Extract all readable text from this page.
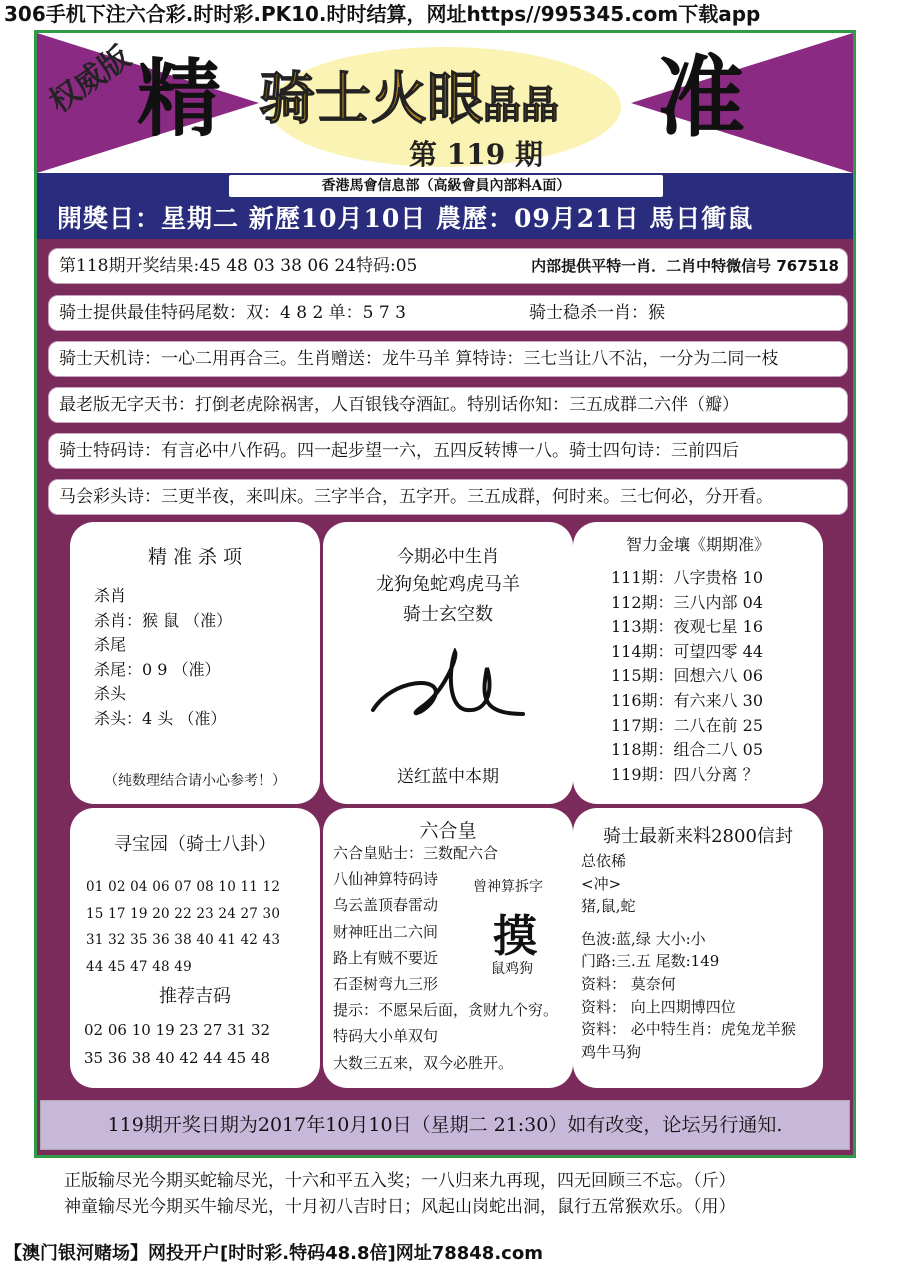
306手机下注六合彩.时时彩.PK10.时时结算，网址https//995345.com下载app
权威版 精	准
骑士火眼晶晶
第 119 期
香港馬會信息部（高級會員內部料A面）
開獎日：星期二 新歷10月10日 農歷：09月21日 馬日衝鼠
第118期开奖结果:45 48 03 38 06 24特码:05	内部提供平特一肖．二肖中特微信号 767518
骑士提供最佳特码尾数：双：4 8 2 单：5 7 3	骑士稳杀一肖：猴
骑士天机诗：一心二用再合三。生肖赠送：龙牛马羊 算特诗：三七当让八不沾，一分为二同一枝
最老版无字天书：打倒老虎除祸害，人百银钱夺酒缸。特别话你知：三五成群二六伴（瓣）
骑士特码诗：有言必中八作码。四一起步望一六，五四反转博一八。骑士四句诗：三前四后
马会彩头诗：三更半夜，来叫床。三字半合，五字开。三五成群，何时来。三七何必，分开看。
精 准 杀 项
杀肖
杀肖：猴 鼠 （准）
杀尾
杀尾：0 9 （准）
杀头
杀头：4 头 （准）
（纯数理结合请小心参考！）
今期必中生肖
龙狗兔蛇鸡虎马羊
骑士玄空数
送红蓝中本期
智力金壤《期期准》
111期：八字贵格 10
112期：三八内部 04
113期：夜观七星 16
114期：可望四零 44
115期：回想六八 06
116期：有六来八 30
117期：二八在前 25
118期：组合二八 05
119期：四八分离 ？
寻宝园（骑士八卦）
01 02 04 06 07 08 10 11 12
15 17 19 20 22 23 24 27 30
31 32 35 36 38 40 41 42 43
44 45 47 48 49
推荐吉码
02 06 10 19 23 27 31 32
35 36 38 40 42 44 45 48
六合皇
六合皇贴士：三数配六合
八仙神算特码诗
乌云盖顶春雷动
财神旺出二六间
路上有贼不要近
石歪树弯九三形
提示：不愿呆后面，贪财九个穷。
特码大小单双句
大数三五来，双今必胜开。
曾神算拆字
摸
鼠鸡狗
骑士最新来料2800信封
总依稀
<冲>
猪,鼠,蛇
色波:蓝,绿 大小:小
门路:三.五 尾数:149
资料： 莫奈何
资料： 向上四期博四位
资料： 必中特生肖：虎兔龙羊猴
鸡牛马狗
119期开奖日期为2017年10月10日（星期二 21:30）如有改变，论坛另行通知.
正版输尽光今期买蛇输尽光，十六和平五入奖；一八归来九再现，四无回顾三不忘。（斤）
神童输尽光今期买牛输尽光，十月初八吉时日；风起山岗蛇出洞，鼠行五常猴欢乐。（用）
【澳门银河赌场】网投开户[时时彩.特码48.8倍]网址78848.com
